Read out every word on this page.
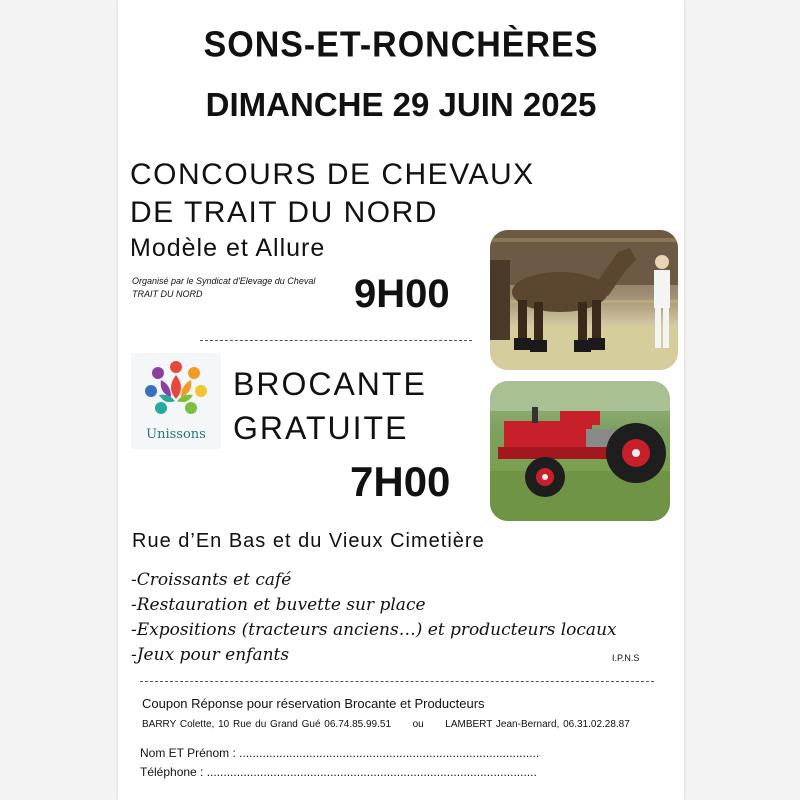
SONS-ET-RONCHÈRES
DIMANCHE 29 JUIN 2025
CONCOURS DE CHEVAUX
DE TRAIT DU NORD
Modèle et Allure
Organisé par le Syndicat d'Elevage du Cheval
TRAIT DU NORD	9H00
Unissons
BROCANTE
GRATUITE
7H00
Rue d’En Bas et du Vieux Cimetière
-Croissants et café
-Restauration et buvette sur place
-Expositions (tracteurs anciens…) et producteurs locaux
-Jeux pour enfants	I.P.N.S
Coupon Réponse pour réservation Brocante et Producteurs
BARRY Colette, 10 Rue du Grand Gué 06.74.85.99.51 ou LAMBERT Jean-Bernard, 06.31.02.28.87
Nom ET Prénom : ..........................................................................................
Téléphone : ...................................................................................................
